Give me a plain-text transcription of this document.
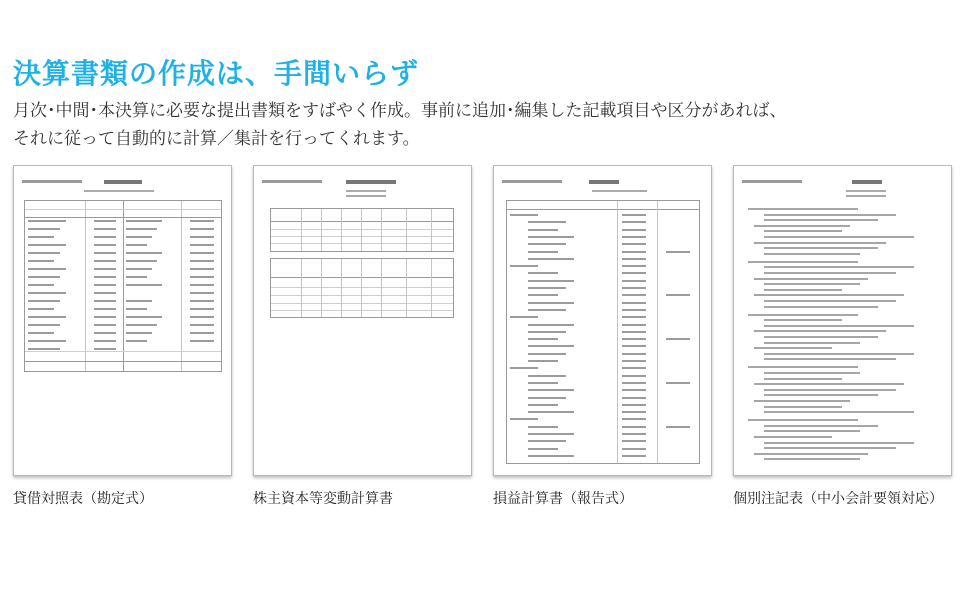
決算書類の作成は、手間いらず
月次･中間･本決算に必要な提出書類をすばやく作成。事前に追加･編集した記載項目や区分があれば、
それに従って自動的に計算／集計を行ってくれます。
貸借対照表（勘定式）	株主資本等変動計算書	損益計算書（報告式）	個別注記表（中小会計要領対応）
